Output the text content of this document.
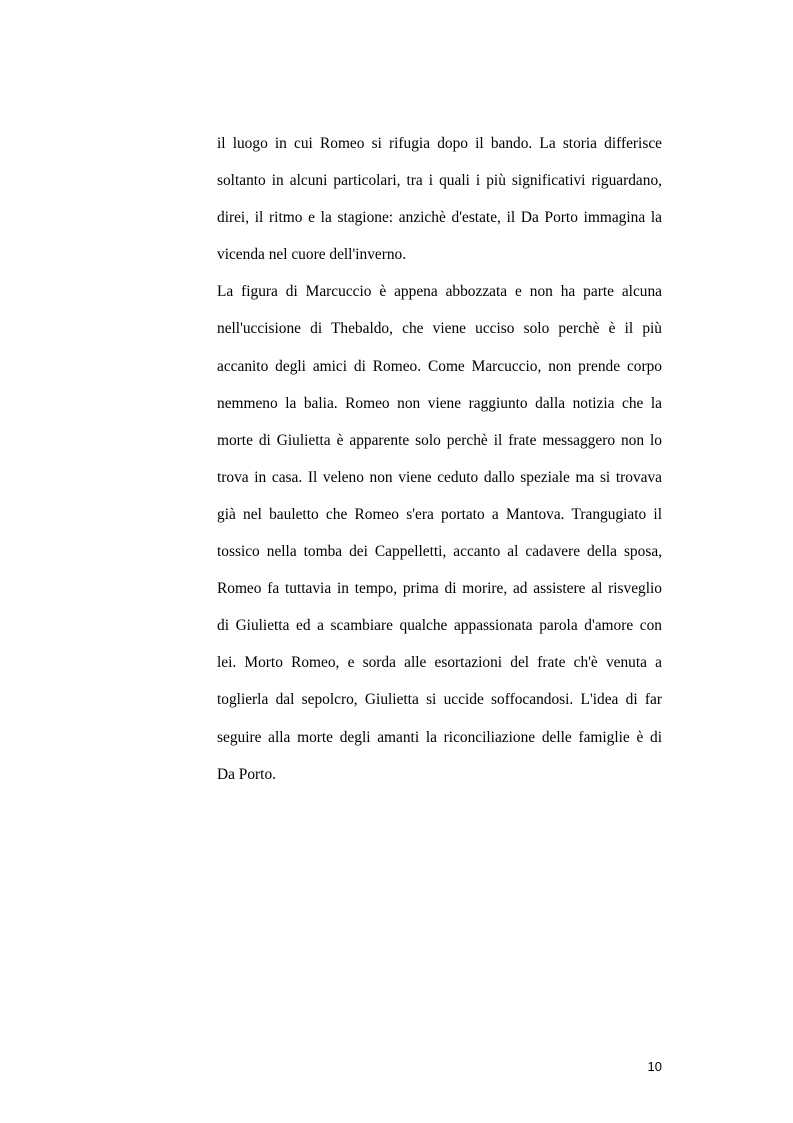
il luogo in cui Romeo si rifugia dopo il bando. La storia differisce
soltanto in alcuni particolari, tra i quali i più significativi riguardano,
direi, il ritmo e la stagione: anzichè d'estate, il Da Porto immagina la
vicenda nel cuore dell'inverno.
La figura di Marcuccio è appena abbozzata e non ha parte alcuna
nell'uccisione di Thebaldo, che viene ucciso solo perchè è il più
accanito degli amici di Romeo. Come Marcuccio, non prende corpo
nemmeno la balia. Romeo non viene raggiunto dalla notizia che la
morte di Giulietta è apparente solo perchè il frate messaggero non lo
trova in casa. Il veleno non viene ceduto dallo speziale ma si trovava
già nel bauletto che Romeo s'era portato a Mantova. Trangugiato il
tossico nella tomba dei Cappelletti, accanto al cadavere della sposa,
Romeo fa tuttavia in tempo, prima di morire, ad assistere al risveglio
di Giulietta ed a scambiare qualche appassionata parola d'amore con
lei. Morto Romeo, e sorda alle esortazioni del frate ch'è venuta a
toglierla dal sepolcro, Giulietta si uccide soffocandosi. L'idea di far
seguire alla morte degli amanti la riconciliazione delle famiglie è di
Da Porto.
10
